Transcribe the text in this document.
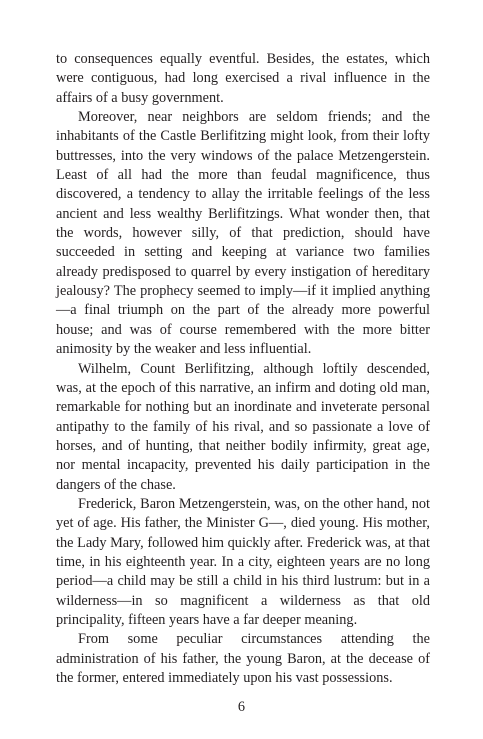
to consequences equally eventful. Besides, the estates, which were contiguous, had long exercised a rival influence in the affairs of a busy government.

Moreover, near neighbors are seldom friends; and the inhabitants of the Castle Berlifitzing might look, from their lofty buttresses, into the very windows of the palace Metzengerstein. Least of all had the more than feudal magnificence, thus discovered, a tendency to allay the irritable feelings of the less ancient and less wealthy Berlifitzings. What wonder then, that the words, however silly, of that prediction, should have succeeded in setting and keeping at variance two families already predisposed to quarrel by every instigation of hereditary jealousy? The prophecy seemed to imply—if it implied anything—a final triumph on the part of the already more powerful house; and was of course remembered with the more bitter animosity by the weaker and less influential.

Wilhelm, Count Berlifitzing, although loftily descended, was, at the epoch of this narrative, an infirm and doting old man, remarkable for nothing but an inordinate and inveterate personal antipathy to the family of his rival, and so passionate a love of horses, and of hunting, that neither bodily infirmity, great age, nor mental incapacity, prevented his daily participation in the dangers of the chase.

Frederick, Baron Metzengerstein, was, on the other hand, not yet of age. His father, the Minister G—, died young. His mother, the Lady Mary, followed him quickly after. Frederick was, at that time, in his eighteenth year. In a city, eighteen years are no long period—a child may be still a child in his third lustrum: but in a wilderness—in so magnificent a wilderness as that old principality, fifteen years have a far deeper meaning.

From some peculiar circumstances attending the administration of his father, the young Baron, at the decease of the former, entered immediately upon his vast possessions.

6
